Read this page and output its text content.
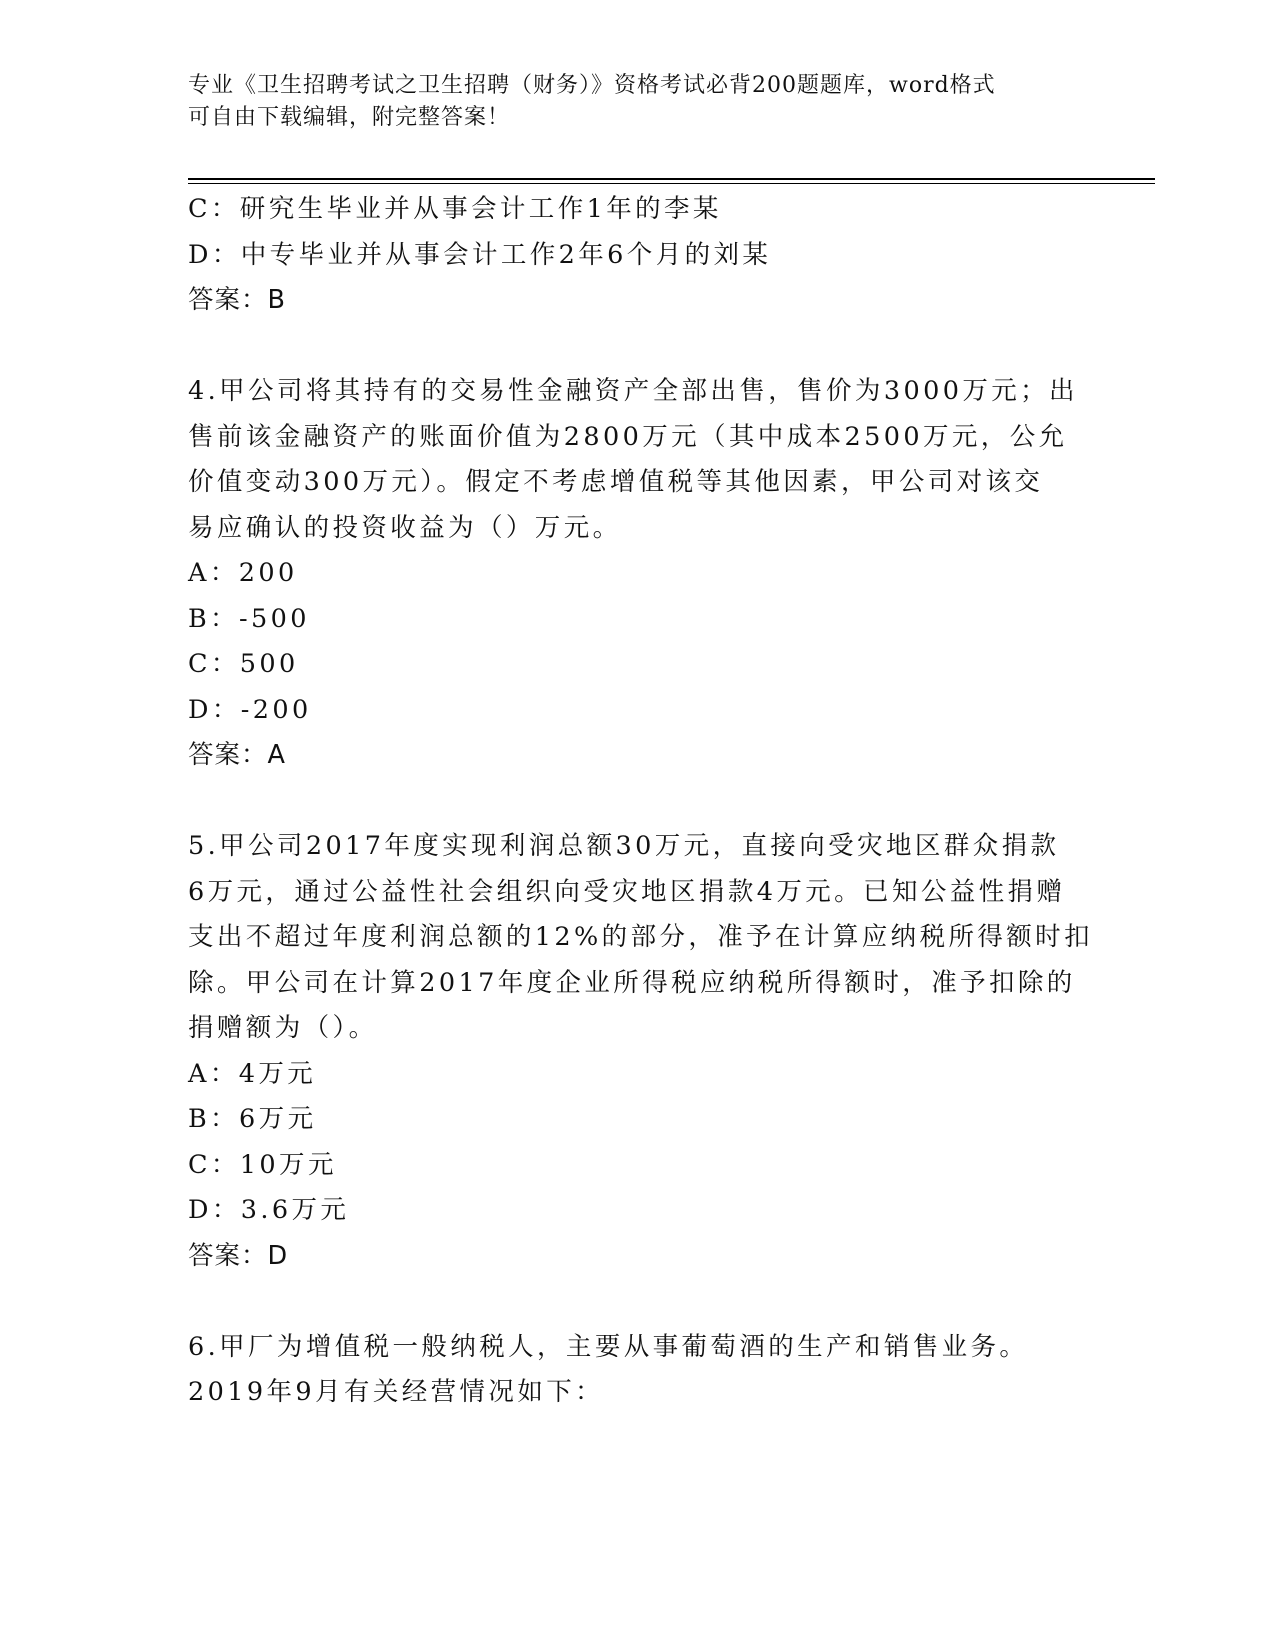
专业《卫生招聘考试之卫生招聘（财务）》资格考试必背200题题库，word格式
可自由下载编辑，附完整答案！
C：研究生毕业并从事会计工作1年的李某
D：中专毕业并从事会计工作2年6个月的刘某
答案：B
4.甲公司将其持有的交易性金融资产全部出售，售价为3000万元；出
售前该金融资产的账面价值为2800万元（其中成本2500万元，公允
价值变动300万元）。假定不考虑增值税等其他因素，甲公司对该交
易应确认的投资收益为（）万元。
A：200
B：-500
C：500
D：-200
答案：A
5.甲公司2017年度实现利润总额30万元，直接向受灾地区群众捐款
6万元，通过公益性社会组织向受灾地区捐款4万元。已知公益性捐赠
支出不超过年度利润总额的12%的部分，准予在计算应纳税所得额时扣
除。甲公司在计算2017年度企业所得税应纳税所得额时，准予扣除的
捐赠额为（）。
A：4万元
B：6万元
C：10万元
D：3.6万元
答案：D
6.甲厂为增值税一般纳税人，主要从事葡萄酒的生产和销售业务。
2019年9月有关经营情况如下：
